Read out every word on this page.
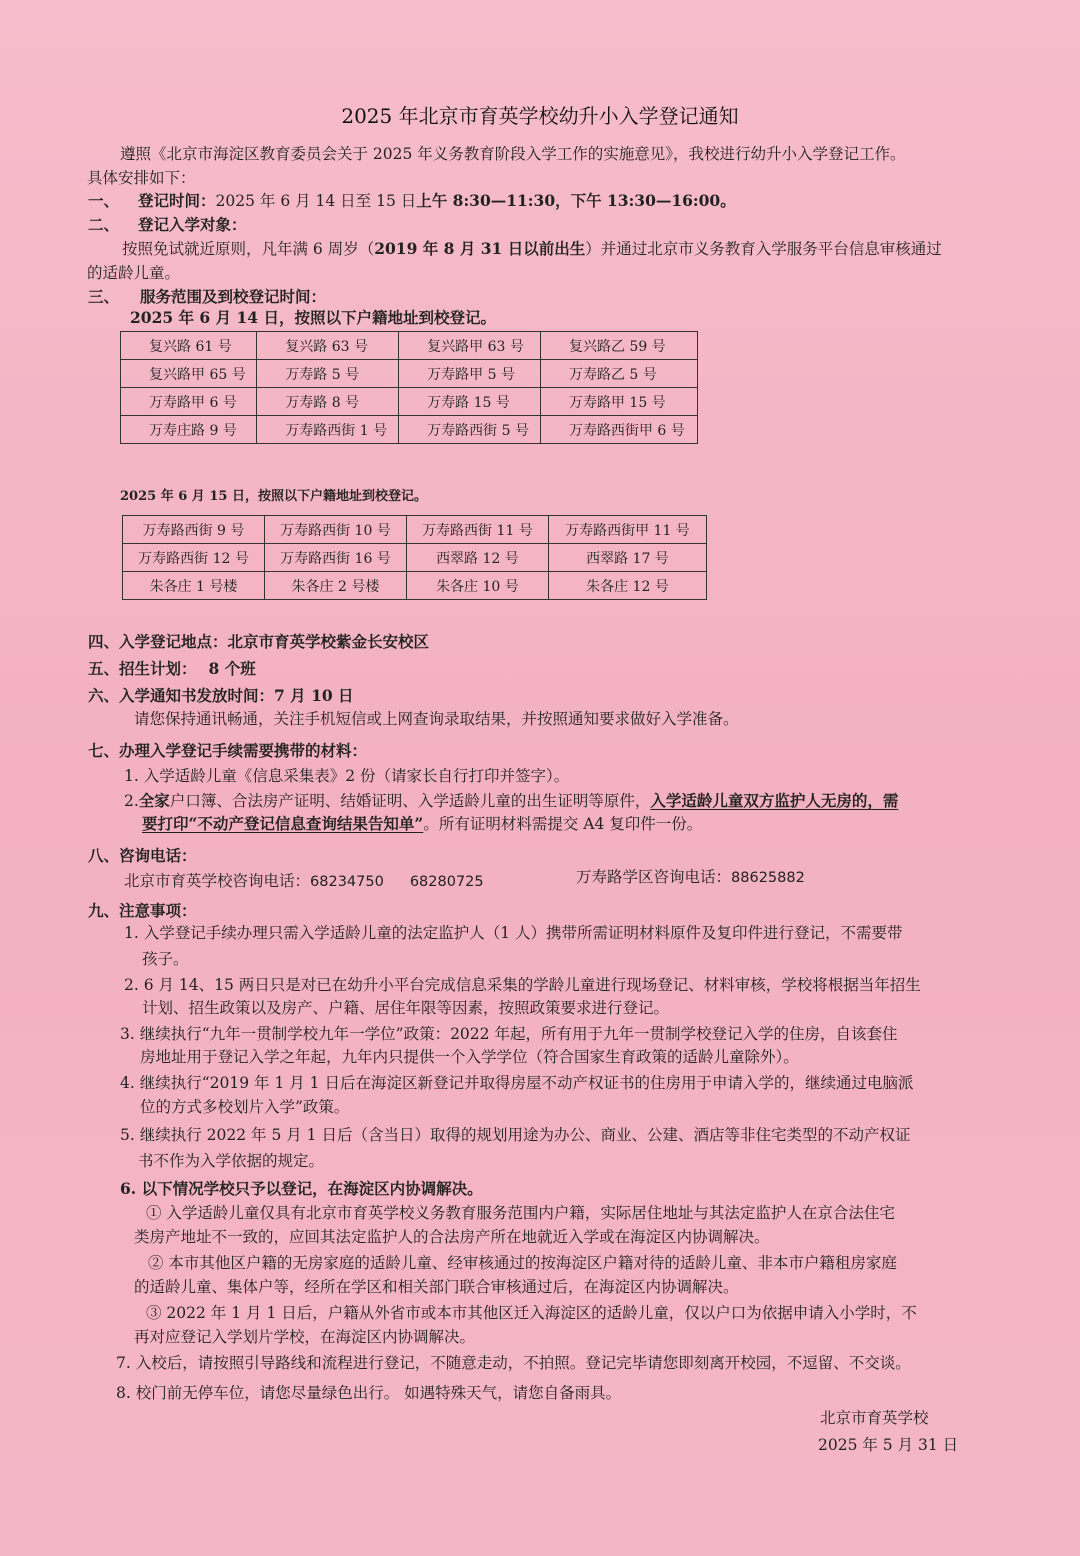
2025 年北京市育英学校幼升小入学登记通知
遵照《北京市海淀区教育委员会关于 2025 年义务教育阶段入学工作的实施意见》，我校进行幼升小入学登记工作。
具体安排如下：
一、 登记时间：2025 年 6 月 14 日至 15 日上午 8:30—11:30，下午 13:30—16:00。
二、 登记入学对象：
按照免试就近原则，凡年满 6 周岁（2019 年 8 月 31 日以前出生）并通过北京市义务教育入学服务平台信息审核通过
的适龄儿童。
三、 服务范围及到校登记时间：
2025 年 6 月 14 日，按照以下户籍地址到校登记。
复兴路 61 号	复兴路 63 号	复兴路甲 63 号	复兴路乙 59 号
复兴路甲 65 号	万寿路 5 号	万寿路甲 5 号	万寿路乙 5 号
万寿路甲 6 号	万寿路 8 号	万寿路 15 号	万寿路甲 15 号
万寿庄路 9 号	万寿路西街 1 号	万寿路西街 5 号	万寿路西街甲 6 号
2025 年 6 月 15 日，按照以下户籍地址到校登记。
万寿路西街 9 号	万寿路西街 10 号	万寿路西街 11 号	万寿路西街甲 11 号
万寿路西街 12 号	万寿路西街 16 号	西翠路 12 号	西翠路 17 号
朱各庄 1 号楼	朱各庄 2 号楼	朱各庄 10 号	朱各庄 12 号
四、入学登记地点：北京市育英学校紫金长安校区
五、招生计划： 8 个班
六、入学通知书发放时间：7 月 10 日
请您保持通讯畅通，关注手机短信或上网查询录取结果，并按照通知要求做好入学准备。
七、办理入学登记手续需要携带的材料：
1. 入学适龄儿童《信息采集表》2 份（请家长自行打印并签字）。
2.全家户口簿、合法房产证明、结婚证明、入学适龄儿童的出生证明等原件，入学适龄儿童双方监护人无房的，需
要打印“不动产登记信息查询结果告知单”。所有证明材料需提交 A4 复印件一份。
八、咨询电话：
北京市育英学校咨询电话：68234750 68280725	万寿路学区咨询电话：88625882
九、注意事项：
1. 入学登记手续办理只需入学适龄儿童的法定监护人（1 人）携带所需证明材料原件及复印件进行登记，不需要带
孩子。
2. 6 月 14、15 两日只是对已在幼升小平台完成信息采集的学龄儿童进行现场登记、材料审核，学校将根据当年招生
计划、招生政策以及房产、户籍、居住年限等因素，按照政策要求进行登记。
3. 继续执行“九年一贯制学校九年一学位”政策：2022 年起，所有用于九年一贯制学校登记入学的住房，自该套住
房地址用于登记入学之年起，九年内只提供一个入学学位（符合国家生育政策的适龄儿童除外）。
4. 继续执行“2019 年 1 月 1 日后在海淀区新登记并取得房屋不动产权证书的住房用于申请入学的，继续通过电脑派
位的方式多校划片入学”政策。
5. 继续执行 2022 年 5 月 1 日后（含当日）取得的规划用途为办公、商业、公建、酒店等非住宅类型的不动产权证
书不作为入学依据的规定。
6. 以下情况学校只予以登记，在海淀区内协调解决。
① 入学适龄儿童仅具有北京市育英学校义务教育服务范围内户籍，实际居住地址与其法定监护人在京合法住宅
类房产地址不一致的，应回其法定监护人的合法房产所在地就近入学或在海淀区内协调解决。
② 本市其他区户籍的无房家庭的适龄儿童、经审核通过的按海淀区户籍对待的适龄儿童、非本市户籍租房家庭
的适龄儿童、集体户等，经所在学区和相关部门联合审核通过后，在海淀区内协调解决。
③ 2022 年 1 月 1 日后，户籍从外省市或本市其他区迁入海淀区的适龄儿童，仅以户口为依据申请入小学时，不
再对应登记入学划片学校，在海淀区内协调解决。
7. 入校后，请按照引导路线和流程进行登记，不随意走动，不拍照。登记完毕请您即刻离开校园，不逗留、不交谈。
8. 校门前无停车位，请您尽量绿色出行。 如遇特殊天气，请您自备雨具。
北京市育英学校
2025 年 5 月 31 日
